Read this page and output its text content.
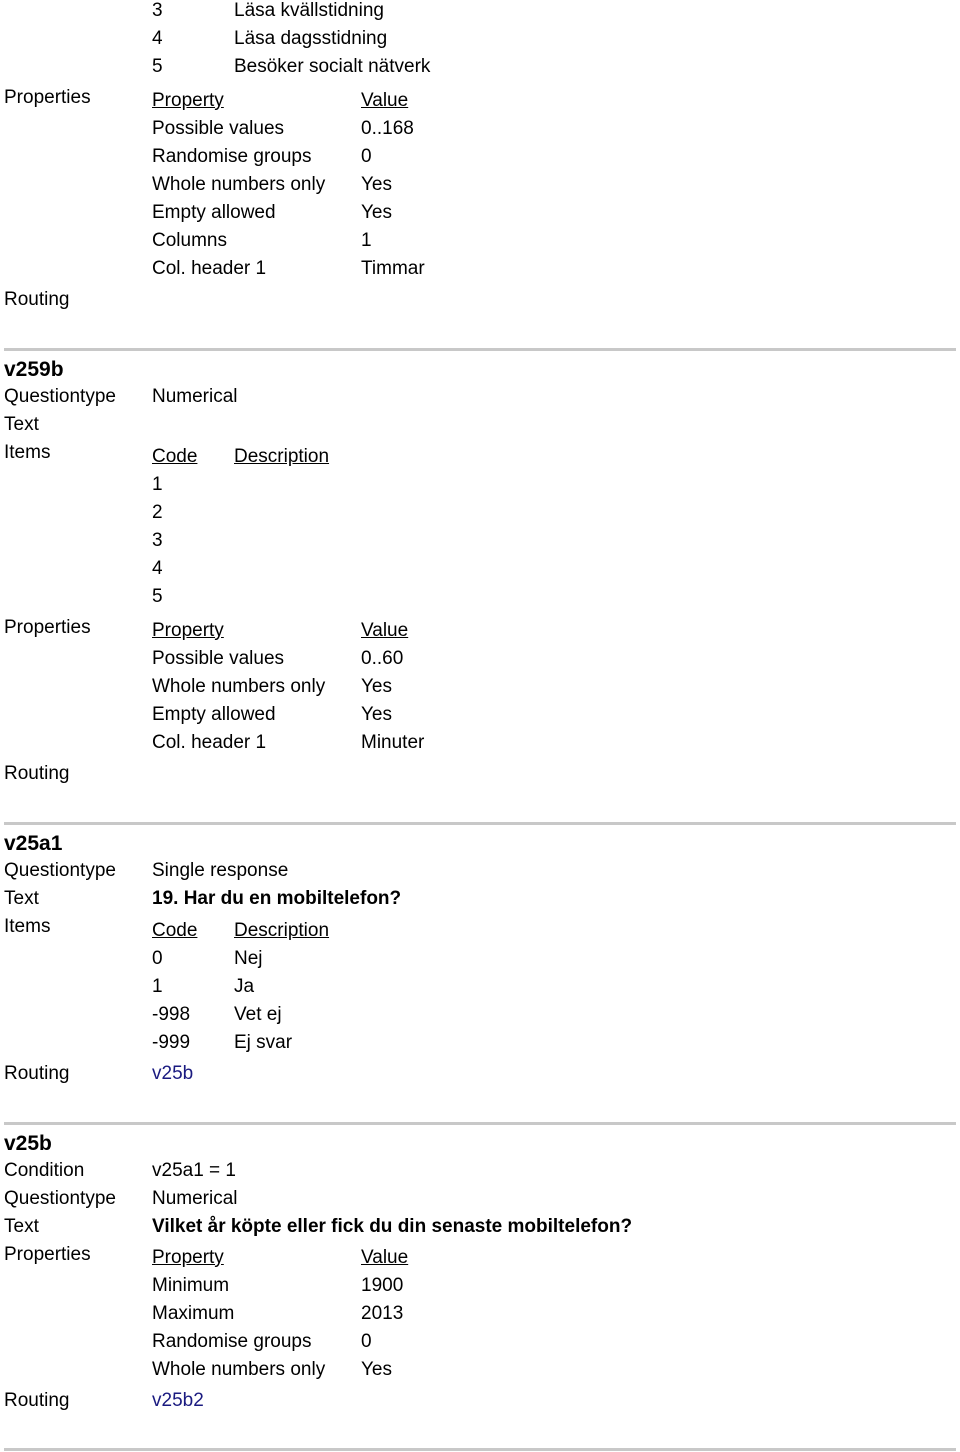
3	Läsa kvällstidning
4	Läsa dagsstidning
5	Besöker socialt nätverk
Properties	Property	Value
Possible values	0..168
Randomise groups	0
Whole numbers only Yes
Empty allowed	Yes
Columns	1
Col. header 1	Timmar
Routing
v259b
Questiontype Numerical
Text
Items	Code Description
1
2
3
4
5
Properties	Property	Value
Possible values	0..60
Whole numbers only Yes
Empty allowed	Yes
Col. header 1	Minuter
Routing
v25a1
Questiontype Single response
Text	19. Har du en mobiltelefon?
Items	Code Description
0	Nej
1	Ja
-998 Vet ej
-999 Ej svar
Routing	v25b
v25b
Condition	v25a1 = 1
Questiontype Numerical
Text	Vilket år köpte eller fick du din senaste mobiltelefon?
Properties	Property	Value
Minimum	1900
Maximum	2013
Randomise groups	0
Whole numbers only Yes
Routing	v25b2
